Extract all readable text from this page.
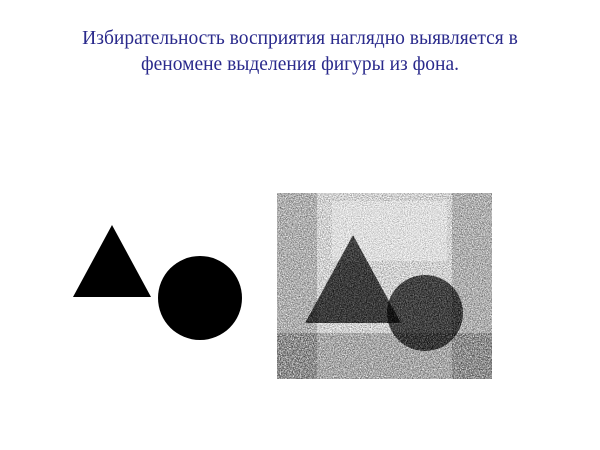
Избирательность восприятия наглядно выявляется в
феномене выделения фигуры из фона.
